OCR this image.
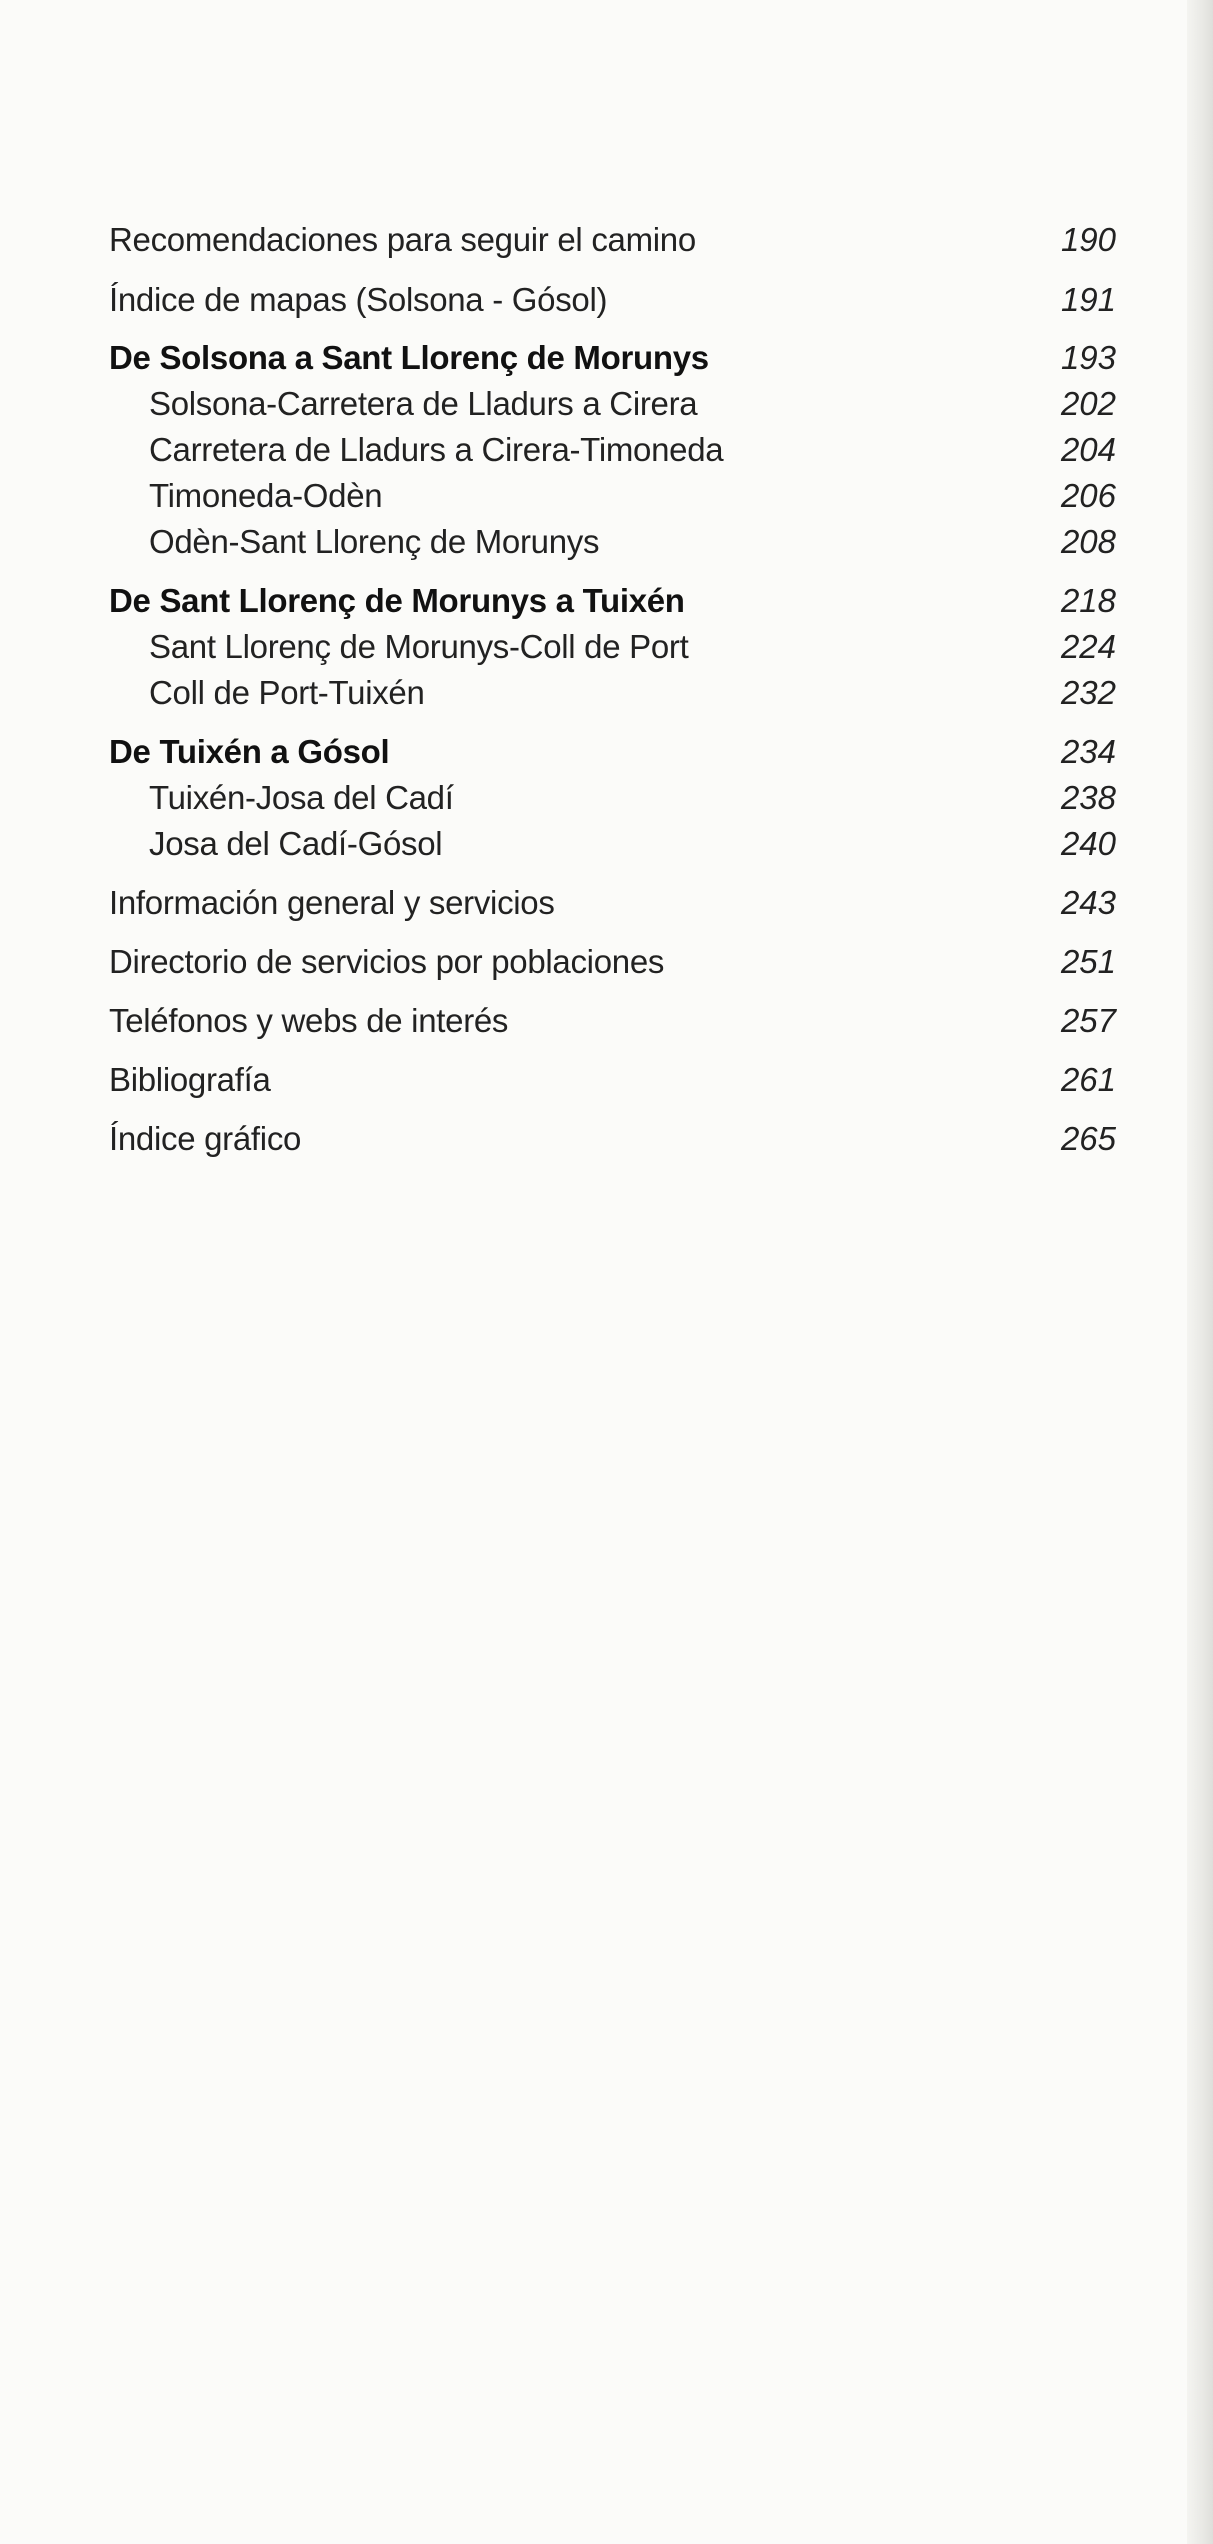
Recomendaciones para seguir el camino	190
Índice de mapas (Solsona - Gósol)	191
De Solsona a Sant Llorenç de Morunys	193
Solsona-Carretera de Lladurs a Cirera	202
Carretera de Lladurs a Cirera-Timoneda	204
Timoneda-Odèn	206
Odèn-Sant Llorenç de Morunys	208
De Sant Llorenç de Morunys a Tuixén	218
Sant Llorenç de Morunys-Coll de Port	224
Coll de Port-Tuixén	232
De Tuixén a Gósol	234
Tuixén-Josa del Cadí	238
Josa del Cadí-Gósol	240
Información general y servicios	243
Directorio de servicios por poblaciones	251
Teléfonos y webs de interés	257
Bibliografía	261
Índice gráfico	265
